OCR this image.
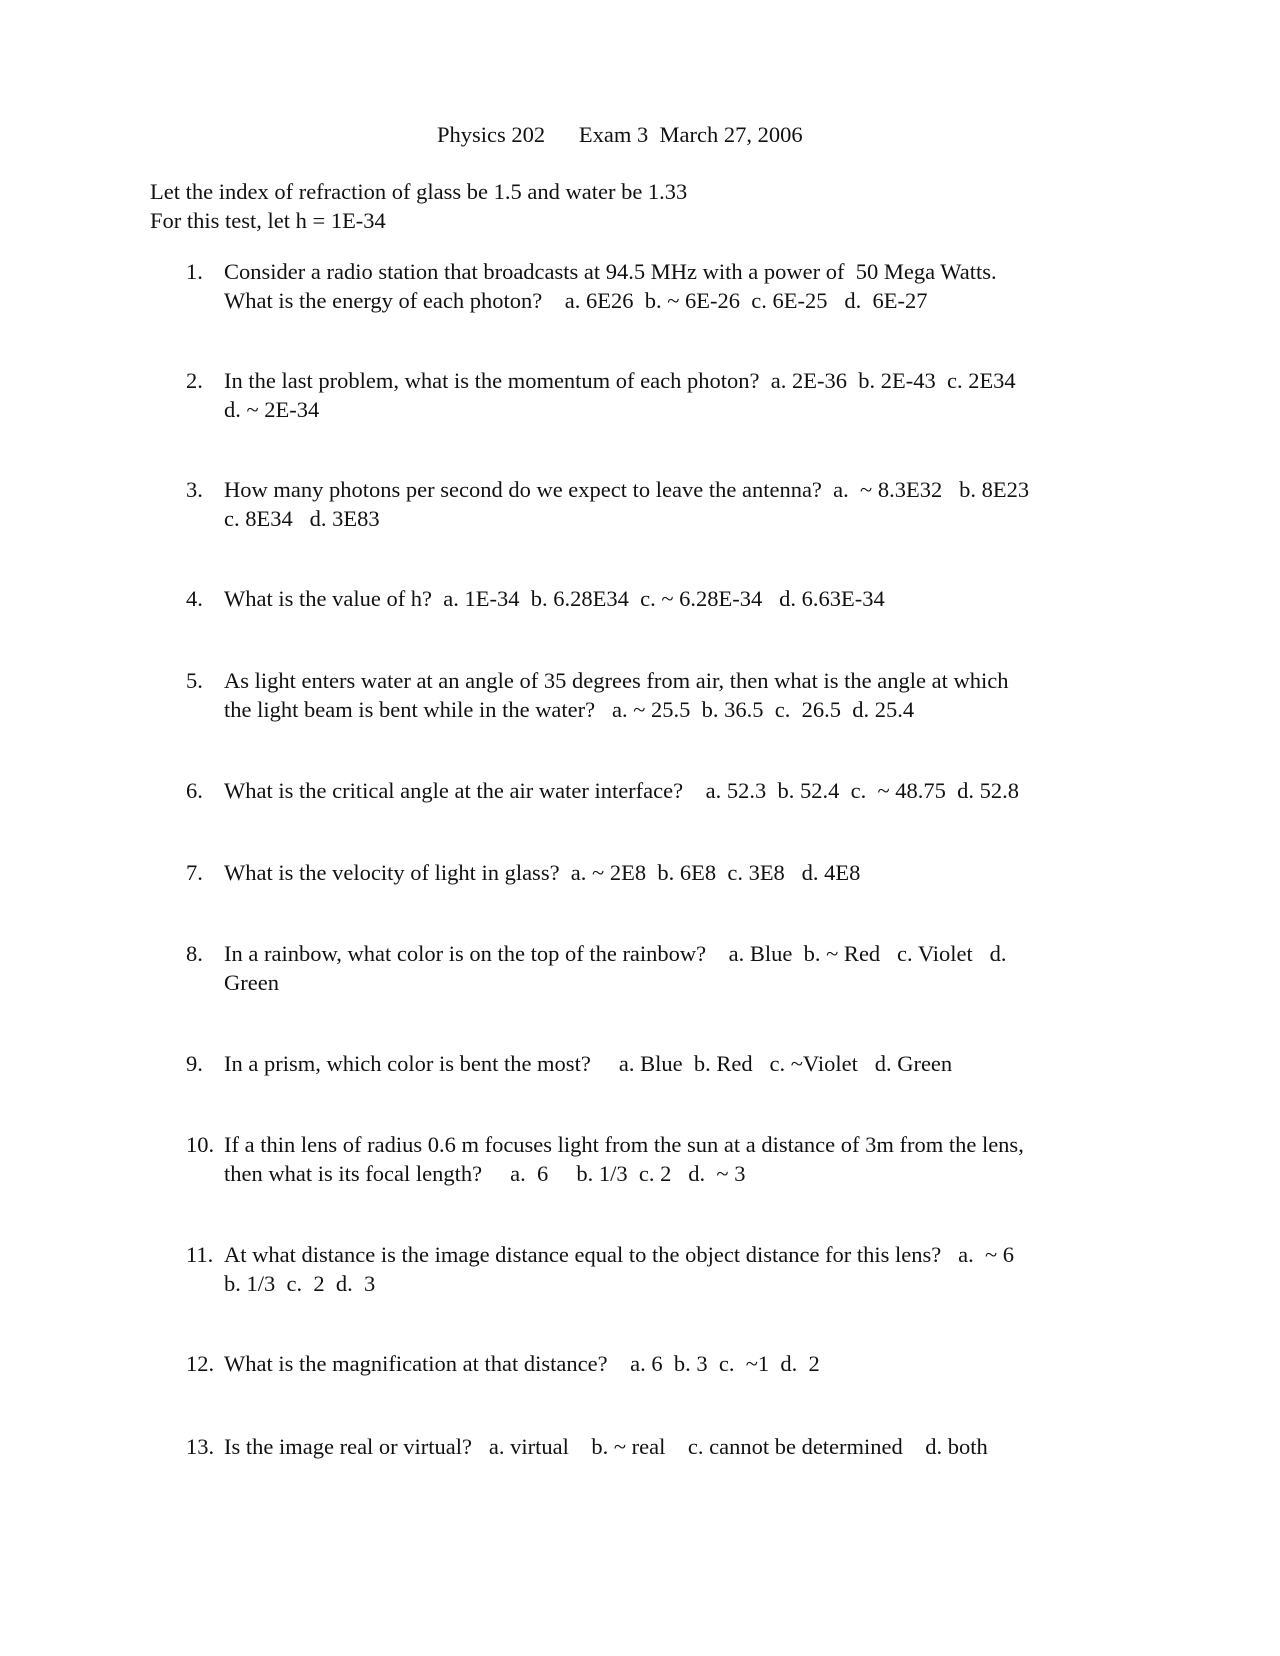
Physics 202      Exam 3  March 27, 2006

Let the index of refraction of glass be 1.5 and water be 1.33

For this test, let h = 1E-34

1. Consider a radio station that broadcasts at 94.5 MHz with a power of  50 Mega Watts.
What is the energy of each photon?    a. 6E26  b. ~ 6E-26  c. 6E-25   d.  6E-27
2. In the last problem, what is the momentum of each photon?  a. 2E-36  b. 2E-43  c. 2E34
d. ~ 2E-34
3. How many photons per second do we expect to leave the antenna?  a.  ~ 8.3E32   b. 8E23
c. 8E34   d. 3E83
4. What is the value of h?  a. 1E-34  b. 6.28E34  c. ~ 6.28E-34   d. 6.63E-34
5. As light enters water at an angle of 35 degrees from air, then what is the angle at which
the light beam is bent while in the water?   a. ~ 25.5  b. 36.5  c.  26.5  d. 25.4
6. What is the critical angle at the air water interface?    a. 52.3  b. 52.4  c.  ~ 48.75  d. 52.8
7. What is the velocity of light in glass?  a. ~ 2E8  b. 6E8  c. 3E8   d. 4E8
8. In a rainbow, what color is on the top of the rainbow?    a. Blue  b. ~ Red   c. Violet   d.
Green
9. In a prism, which color is bent the most?     a. Blue  b. Red   c. ~Violet   d. Green
10. If a thin lens of radius 0.6 m focuses light from the sun at a distance of 3m from the lens,
then what is its focal length?     a.  6     b. 1/3  c. 2   d.  ~ 3
11. At what distance is the image distance equal to the object distance for this lens?   a.  ~ 6
b. 1/3  c.  2  d.  3
12. What is the magnification at that distance?    a. 6  b. 3  c.  ~1  d.  2
13. Is the image real or virtual?   a. virtual    b. ~ real    c. cannot be determined    d. both
